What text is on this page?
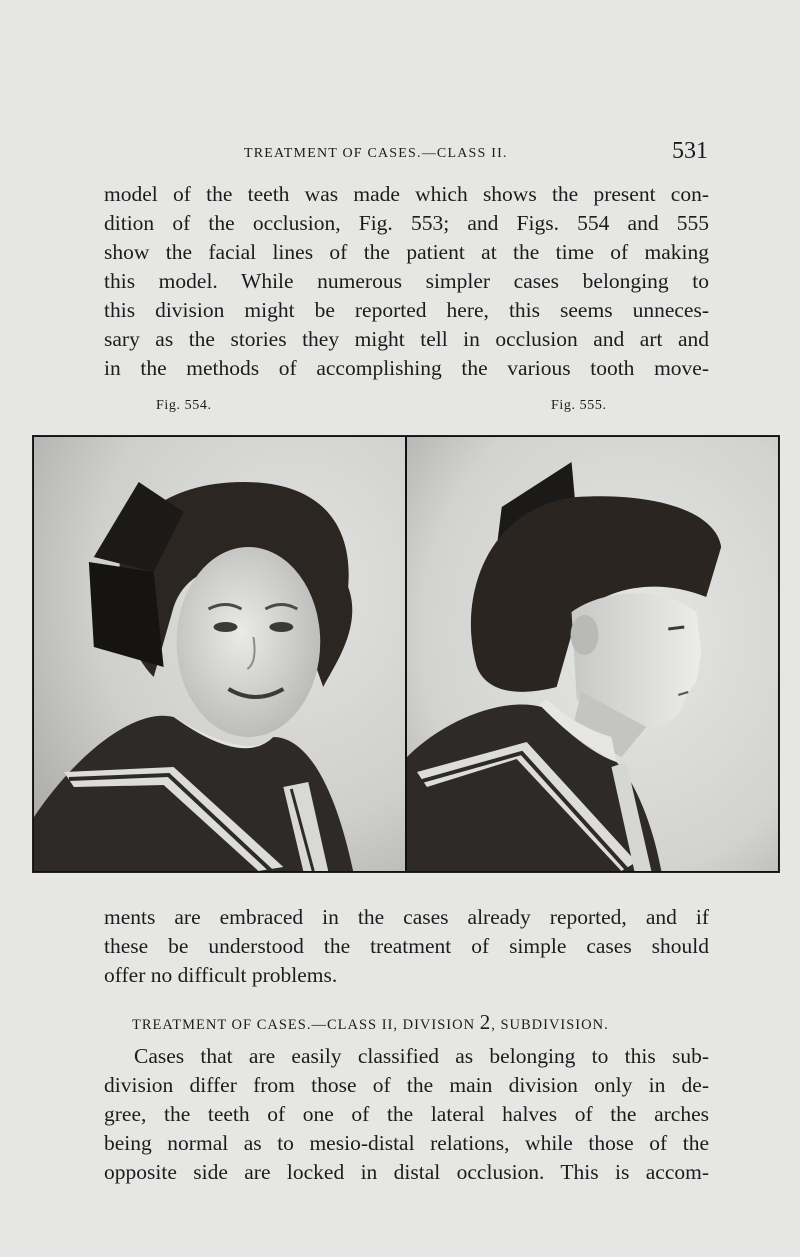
TREATMENT OF CASES.—CLASS II.	531

model of the teeth was made which shows the present con-
dition of the occlusion, Fig. 553; and Figs. 554 and 555
show the facial lines of the patient at the time of making
this model. While numerous simpler cases belonging to
this division might be reported here, this seems unneces-
sary as the stories they might tell in occlusion and art and
in the methods of accomplishing the various tooth move-

Fig. 554.	Fig. 555.

ments are embraced in the cases already reported, and if
these be understood the treatment of simple cases should
offer no difficult problems.

TREATMENT OF CASES.—CLASS II, DIVISION 2, SUBDIVISION.

Cases that are easily classified as belonging to this sub-
division differ from those of the main division only in de-
gree, the teeth of one of the lateral halves of the arches
being normal as to mesio-distal relations, while those of the
opposite side are locked in distal occlusion. This is accom-
